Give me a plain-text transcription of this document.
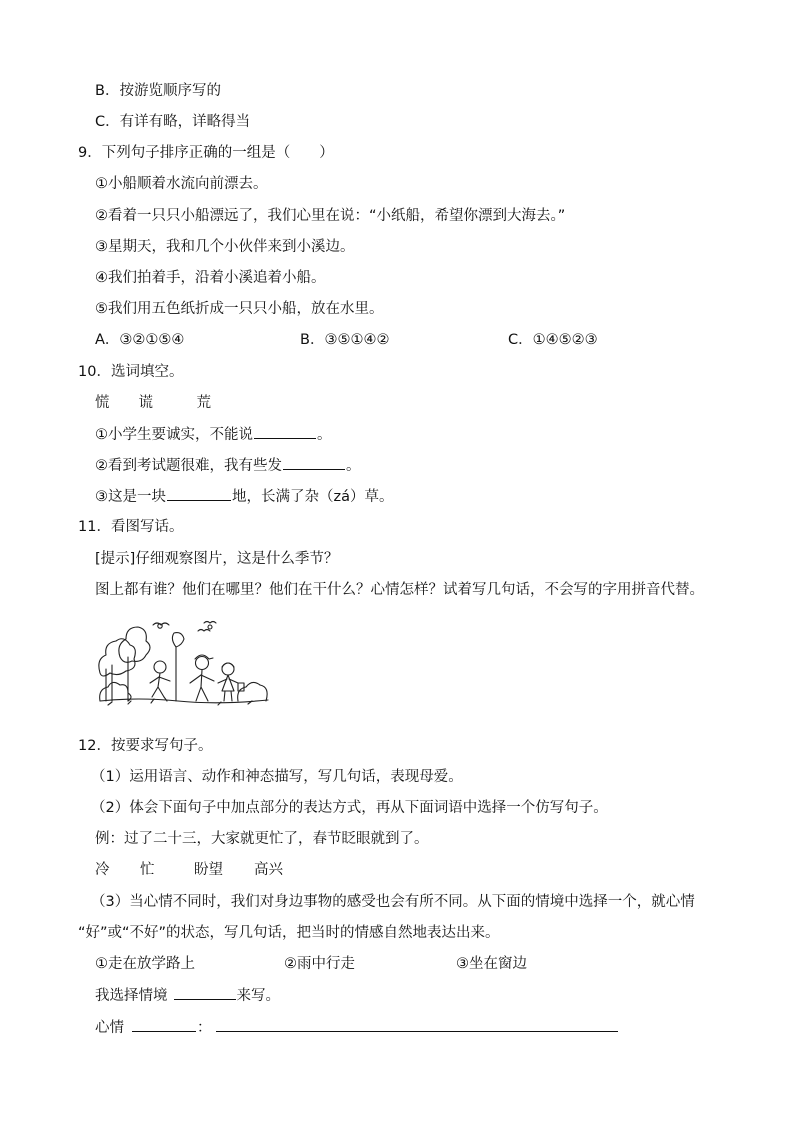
B．按游览顺序写的
C．有详有略，详略得当
9．下列句子排序正确的一组是（　　）
①小船顺着水流向前漂去。
②看着一只只小船漂远了，我们心里在说：“小纸船，希望你漂到大海去。”
③星期天，我和几个小伙伴来到小溪边。
④我们拍着手，沿着小溪追着小船。
⑤我们用五色纸折成一只只小船，放在水里。
A．③②①⑤④	B．③⑤①④②	C．①④⑤②③
10．选词填空。
慌　　谎　　　荒
①小学生要诚实，不能说	。
②看到考试题很难，我有些发	。
③这是一块	地，长满了杂（zá）草。
11．看图写话。
[提示]仔细观察图片，这是什么季节？
图上都有谁？他们在哪里？他们在干什么？心情怎样？试着写几句话，不会写的字用拼音代替。
12．按要求写句子。
（1）运用语言、动作和神态描写，写几句话，表现母爱。
（2）体会下面句子中加点部分的表达方式，再从下面词语中选择一个仿写句子。
例：过了二十三，大家就更忙了，春节眨眼就到了。
冷 忙	盼望 高兴
（3）当心情不同时，我们对身边事物的感受也会有所不同。从下面的情境中选择一个，就心情
“好”或“不好”的状态，写几句话，把当时的情感自然地表达出来。
①走在放学路上	②雨中行走	③坐在窗边
我选择情境	来写。
心情	：
